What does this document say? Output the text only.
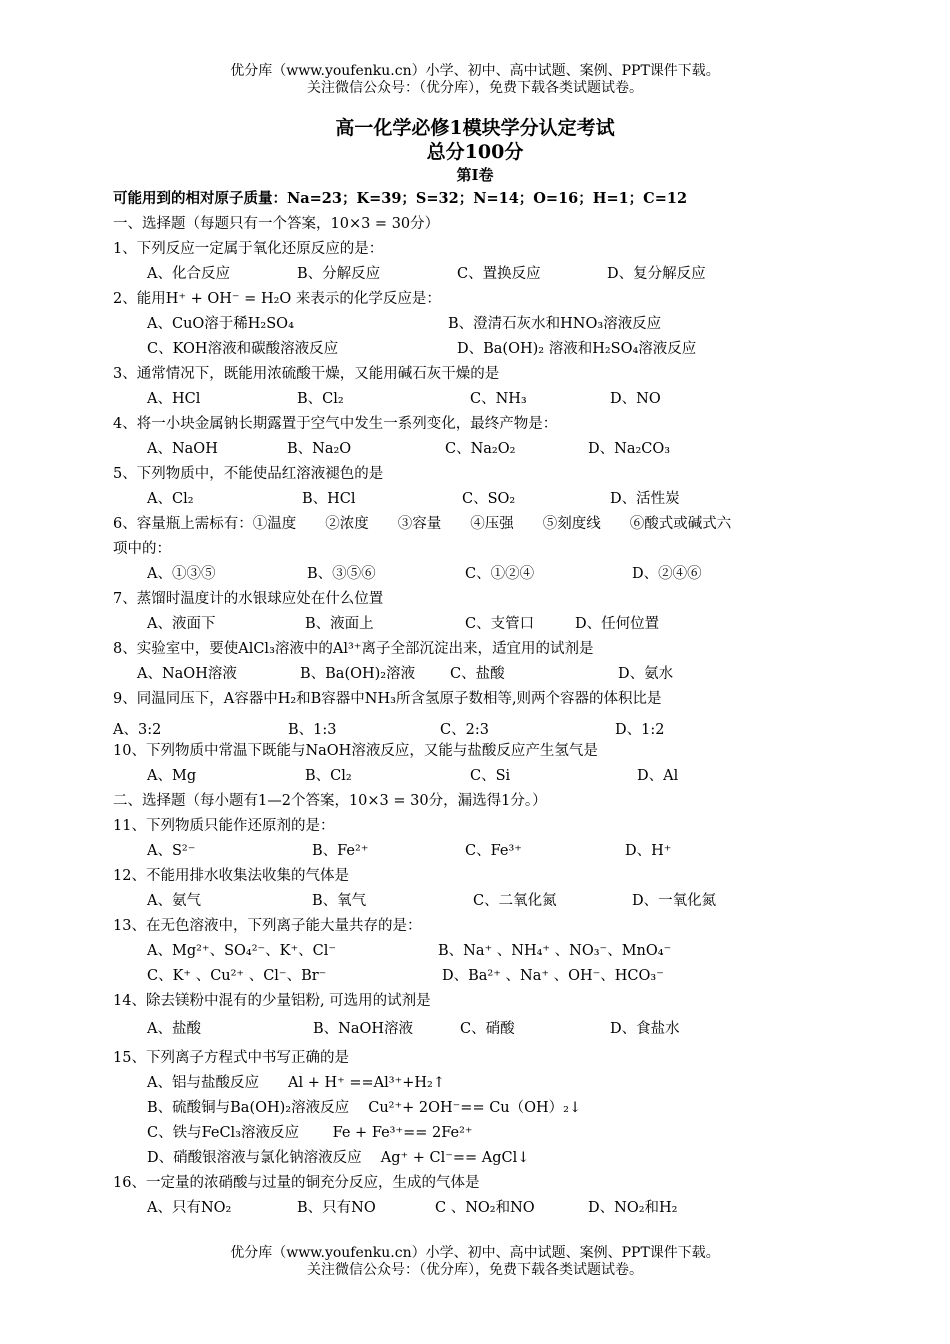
优分库（www.youfenku.cn）小学、初中、高中试题、案例、PPT课件下载。
关注微信公众号：（优分库），免费下载各类试题试卷。
高一化学必修1模块学分认定考试
总分100分
第Ⅰ卷
可能用到的相对原子质量：Na=23；K=39；S=32；N=14；O=16；H=1；C=12
一、选择题（每题只有一个答案，10×3 = 30分）
1、下列反应一定属于氧化还原反应的是：
A、化合反应	B、分解反应	C、置换反应	D、复分解反应
2、能用H⁺ + OH⁻ = H₂O 来表示的化学反应是：
A、CuO溶于稀H₂SO₄	B、澄清石灰水和HNO₃溶液反应
C、KOH溶液和碳酸溶液反应	D、Ba(OH)₂ 溶液和H₂SO₄溶液反应
3、通常情况下，既能用浓硫酸干燥，又能用碱石灰干燥的是
A、HCl	B、Cl₂	C、NH₃	D、NO
4、将一小块金属钠长期露置于空气中发生一系列变化，最终产物是：
A、NaOH	B、Na₂O	C、Na₂O₂	D、Na₂CO₃
5、下列物质中，不能使品红溶液褪色的是
A、Cl₂	B、HCl	C、SO₂	D、活性炭
6、容量瓶上需标有：①温度　　②浓度　　③容量　　④压强　　⑤刻度线　　⑥酸式或碱式六
项中的：
A、①③⑤	B、③⑤⑥	C、①②④	D、②④⑥
7、蒸馏时温度计的水银球应处在什么位置
A、液面下	B、液面上	C、支管口	D、任何位置
8、实验室中，要使AlCl₃溶液中的Al³⁺离子全部沉淀出来，适宜用的试剂是
A、NaOH溶液	B、Ba(OH)₂溶液 C、盐酸	D、氨水
9、同温同压下，A容器中H₂和B容器中NH₃所含氢原子数相等,则两个容器的体积比是
A、3:2	B、1:3	C、2:3	D、1:2
10、下列物质中常温下既能与NaOH溶液反应，又能与盐酸反应产生氢气是
A、Mg	B、Cl₂	C、Si	D、Al
二、选择题（每小题有1—2个答案，10×3 = 30分，漏选得1分。）
11、下列物质只能作还原剂的是：
A、S²⁻	B、Fe²⁺	C、Fe³⁺	D、H⁺
12、不能用排水收集法收集的气体是
A、氨气	B、氧气	C、二氧化氮	D、一氧化氮
13、在无色溶液中，下列离子能大量共存的是：
A、Mg²⁺、SO₄²⁻、K⁺、Cl⁻	B、Na⁺ 、NH₄⁺ 、NO₃⁻、MnO₄⁻
C、K⁺ 、Cu²⁺ 、Cl⁻、Br⁻	D、Ba²⁺ 、Na⁺ 、OH⁻、HCO₃⁻
14、除去镁粉中混有的少量铝粉, 可选用的试剂是
A、盐酸	B、NaOH溶液	C、硝酸	D、食盐水
15、下列离子方程式中书写正确的是
A、铝与盐酸反应　　Al + H⁺ ==Al³⁺+H₂↑
B、硫酸铜与Ba(OH)₂溶液反应　 Cu²⁺+ 2OH⁻== Cu（OH）₂↓
C、铁与FeCl₃溶液反应　　 Fe + Fe³⁺== 2Fe²⁺
D、硝酸银溶液与氯化钠溶液反应　 Ag⁺ + Cl⁻== AgCl↓
16、一定量的浓硝酸与过量的铜充分反应，生成的气体是
A、只有NO₂	B、只有NO	C 、NO₂和NO	D、NO₂和H₂
优分库（www.youfenku.cn）小学、初中、高中试题、案例、PPT课件下载。
关注微信公众号：（优分库），免费下载各类试题试卷。
